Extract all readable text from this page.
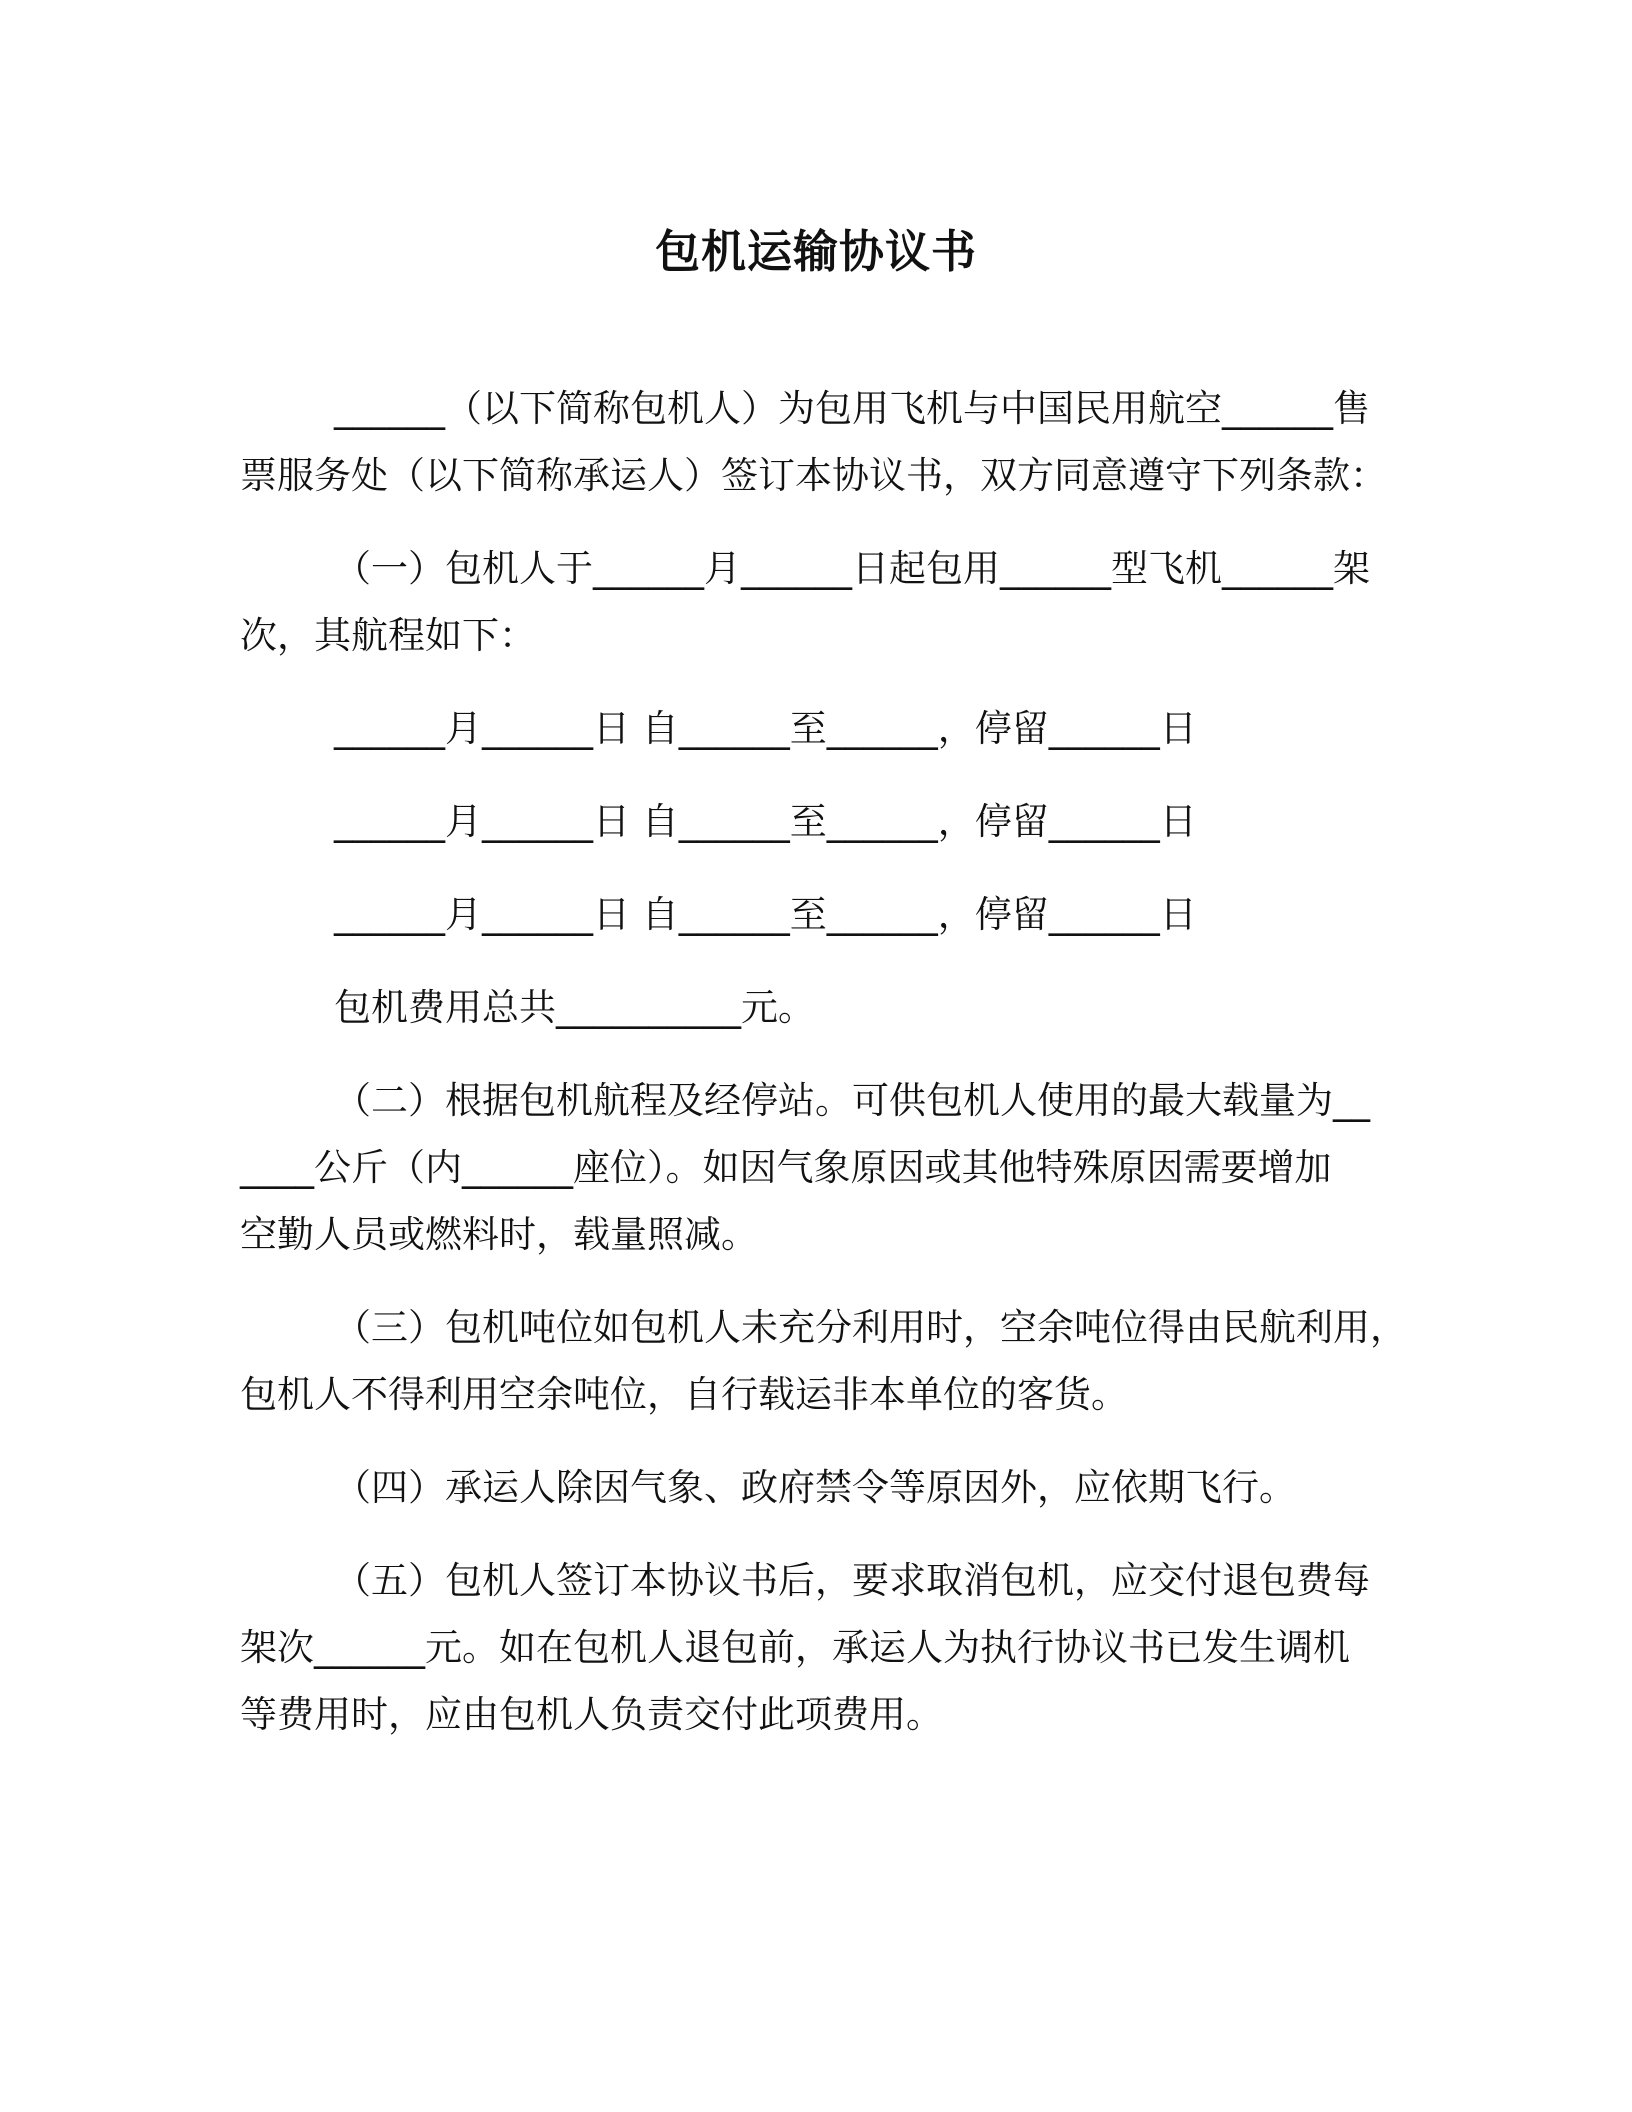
包机运输协议书
______（以下简称包机人）为包用飞机与中国民用航空______售
票服务处（以下简称承运人）签订本协议书，双方同意遵守下列条款：
（一）包机人于______月______日起包用______型飞机______架
次，其航程如下：
______月______日 自______至______，停留______日
______月______日 自______至______，停留______日
______月______日 自______至______，停留______日
包机费用总共__________元。
（二）根据包机航程及经停站。可供包机人使用的最大载量为__
____公斤（内______座位）。如因气象原因或其他特殊原因需要增加
空勤人员或燃料时，载量照减。
（三）包机吨位如包机人未充分利用时，空余吨位得由民航利用，
包机人不得利用空余吨位，自行载运非本单位的客货。
（四）承运人除因气象、政府禁令等原因外，应依期飞行。
（五）包机人签订本协议书后，要求取消包机，应交付退包费每
架次______元。如在包机人退包前，承运人为执行协议书已发生调机
等费用时，应由包机人负责交付此项费用。
